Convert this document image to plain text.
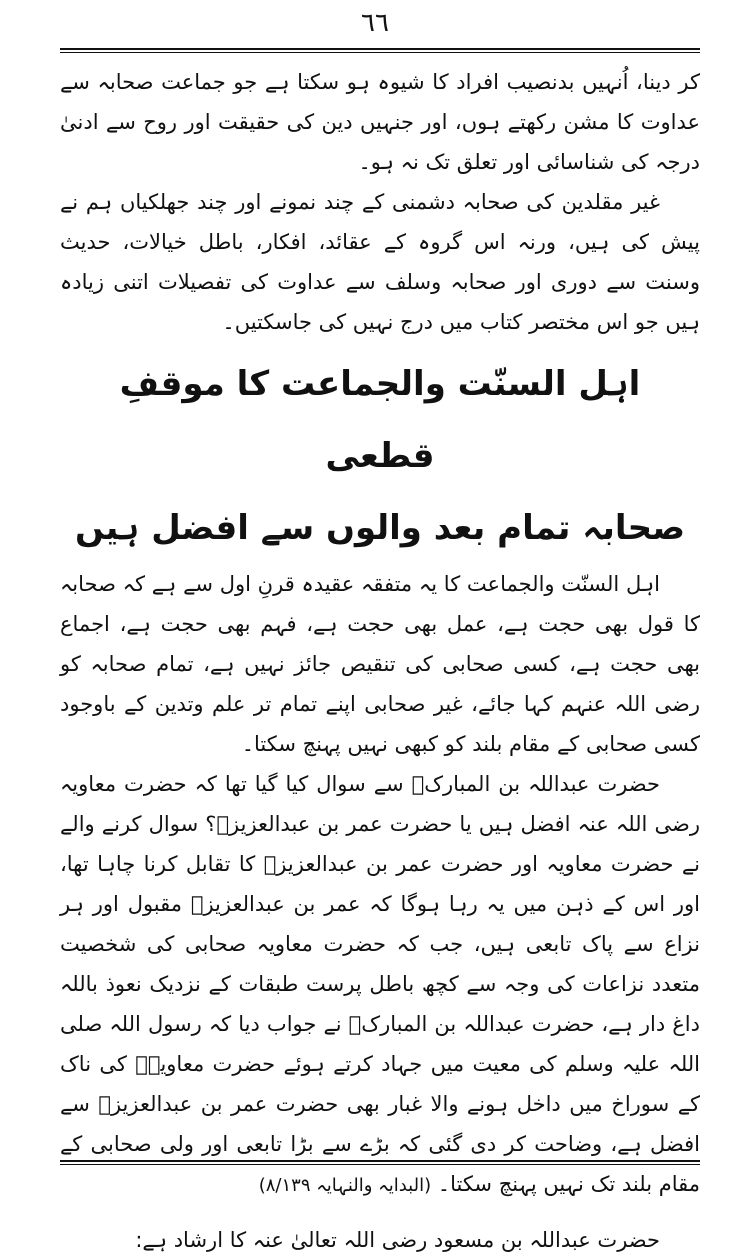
٦٦

کر دینا، اُنہیں بدنصیب افراد کا شیوہ ہو سکتا ہے جو جماعت صحابہ سے عداوت کا مشن رکھتے ہوں، اور جنہیں دین کی حقیقت اور روح سے ادنیٰ درجہ کی شناسائی اور تعلق تک نہ ہو۔

غیر مقلدین کی صحابہ دشمنی کے چند نمونے اور چند جھلکیاں ہم نے پیش کی ہیں، ورنہ اس گروہ کے عقائد، افکار، باطل خیالات، حدیث وسنت سے دوری اور صحابہ وسلف سے عداوت کی تفصیلات اتنی زیادہ ہیں جو اس مختصر کتاب میں درج نہیں کی جاسکتیں۔

اہل السنّت والجماعت کا موقفِ قطعی
صحابہ تمام بعد والوں سے افضل ہیں

اہل السنّت والجماعت کا یہ متفقہ عقیدہ قرنِ اول سے ہے کہ صحابہ کا قول بھی حجت ہے، عمل بھی حجت ہے، فہم بھی حجت ہے، اجماع بھی حجت ہے، کسی صحابی کی تنقیص جائز نہیں ہے، تمام صحابہ کو رضی اللہ عنہم کہا جائے، غیر صحابی اپنے تمام تر علم وتدین کے باوجود کسی صحابی کے مقام بلند کو کبھی نہیں پہنچ سکتا۔

حضرت عبداللہ بن المبارکؒ سے سوال کیا گیا تھا کہ حضرت معاویہ رضی اللہ عنہ افضل ہیں یا حضرت عمر بن عبدالعزیزؒ؟ سوال کرنے والے نے حضرت معاویہ اور حضرت عمر بن عبدالعزیزؒ کا تقابل کرنا چاہا تھا، اور اس کے ذہن میں یہ رہا ہوگا کہ عمر بن عبدالعزیزؒ مقبول اور ہر نزاع سے پاک تابعی ہیں، جب کہ حضرت معاویہ صحابی کی شخصیت متعدد نزاعات کی وجہ سے کچھ باطل پرست طبقات کے نزدیک نعوذ باللہ داغ دار ہے، حضرت عبداللہ بن المبارکؒ نے جواب دیا کہ رسول اللہ صلی اللہ علیہ وسلم کی معیت میں جہاد کرتے ہوئے حضرت معاویہؓ کی ناک کے سوراخ میں داخل ہونے والا غبار بھی حضرت عمر بن عبدالعزیزؒ سے افضل ہے، وضاحت کر دی گئی کہ بڑے سے بڑا تابعی اور ولی صحابی کے مقام بلند تک نہیں پہنچ سکتا۔ (البدایہ والنہایہ ۸/۱۳۹)

حضرت عبداللہ بن مسعود رضی اللہ تعالیٰ عنہ کا ارشاد ہے:
